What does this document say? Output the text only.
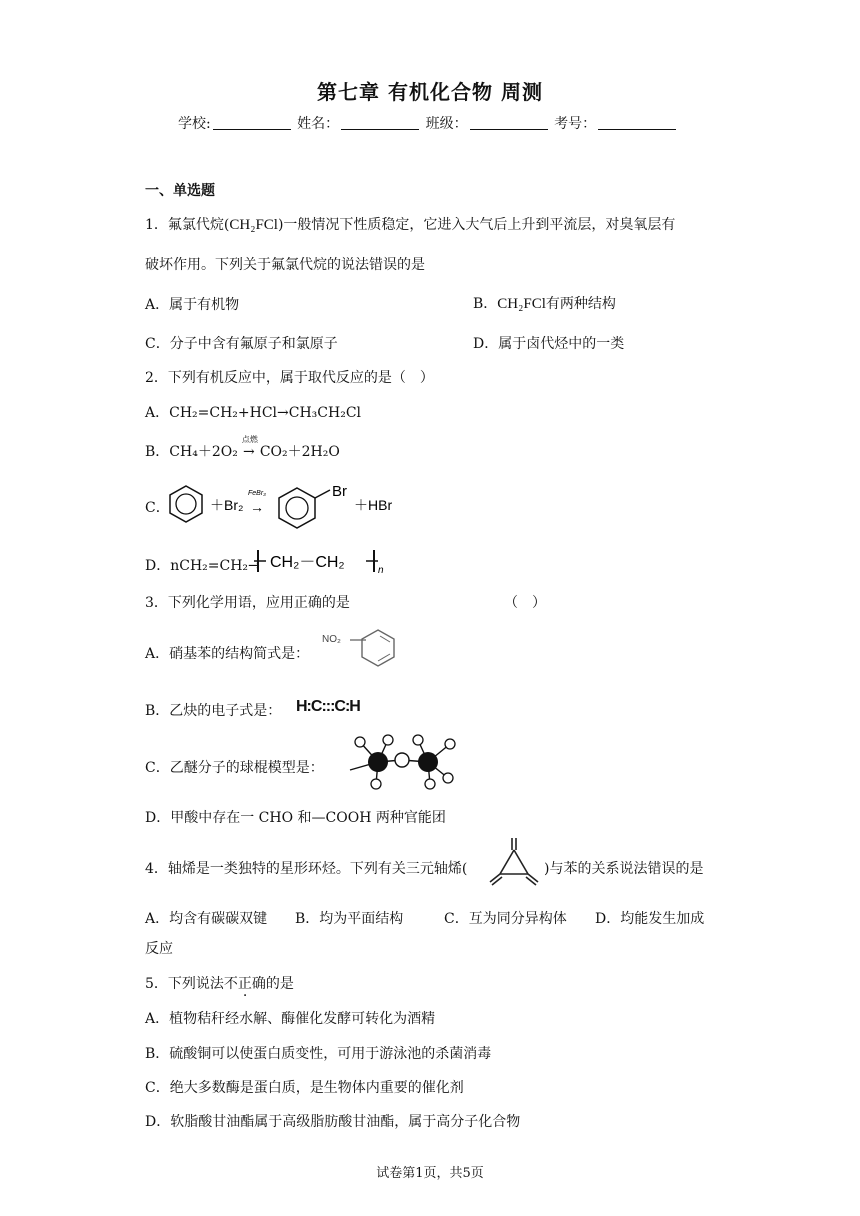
第七章 有机化合物 周测
学校:	姓名：	班级：	考号：
一、单选题
1．氟氯代烷(CH₂FCl)一般情况下性质稳定，它进入大气后上升到平流层，对臭氧层有
破坏作用。下列关于氟氯代烷的说法错误的是
A．属于有机物	B．CH₂FCl有两种结构
C．分子中含有氟原子和氯原子	D．属于卤代烃中的一类
2．下列有机反应中，属于取代反应的是（　）
A．CH₂=CH₂+HCl→CH₃CH₂Cl
B．CH₄＋2O₂
点燃
→ CO₂＋2H₂O
C．	＋Br₂
FeBr₃
→
Br
＋HBr
D．nCH₂=CH₂→ CH₂－CH₂	n
3．下列化学用语，应用正确的是	（　）
A．硝基苯的结构简式是：
NO₂
B．乙炔的电子式是： H:C:::C:H
C．乙醚分子的球棍模型是：
D．甲酸中存在一 CHO 和—COOH 两种官能团
4．轴烯是一类独特的星形环烃。下列有关三元轴烯(	)与苯的关系说法错误的是
A．均含有碳碳双键 B．均为平面结构	C．互为同分异构体 D．均能发生加成
反应
5．下列说法不正确的是
A．植物秸秆经水解、酶催化发酵可转化为酒精
B．硫酸铜可以使蛋白质变性，可用于游泳池的杀菌消毒
C．绝大多数酶是蛋白质，是生物体内重要的催化剂
D．软脂酸甘油酯属于高级脂肪酸甘油酯，属于高分子化合物
试卷第1页，共5页
